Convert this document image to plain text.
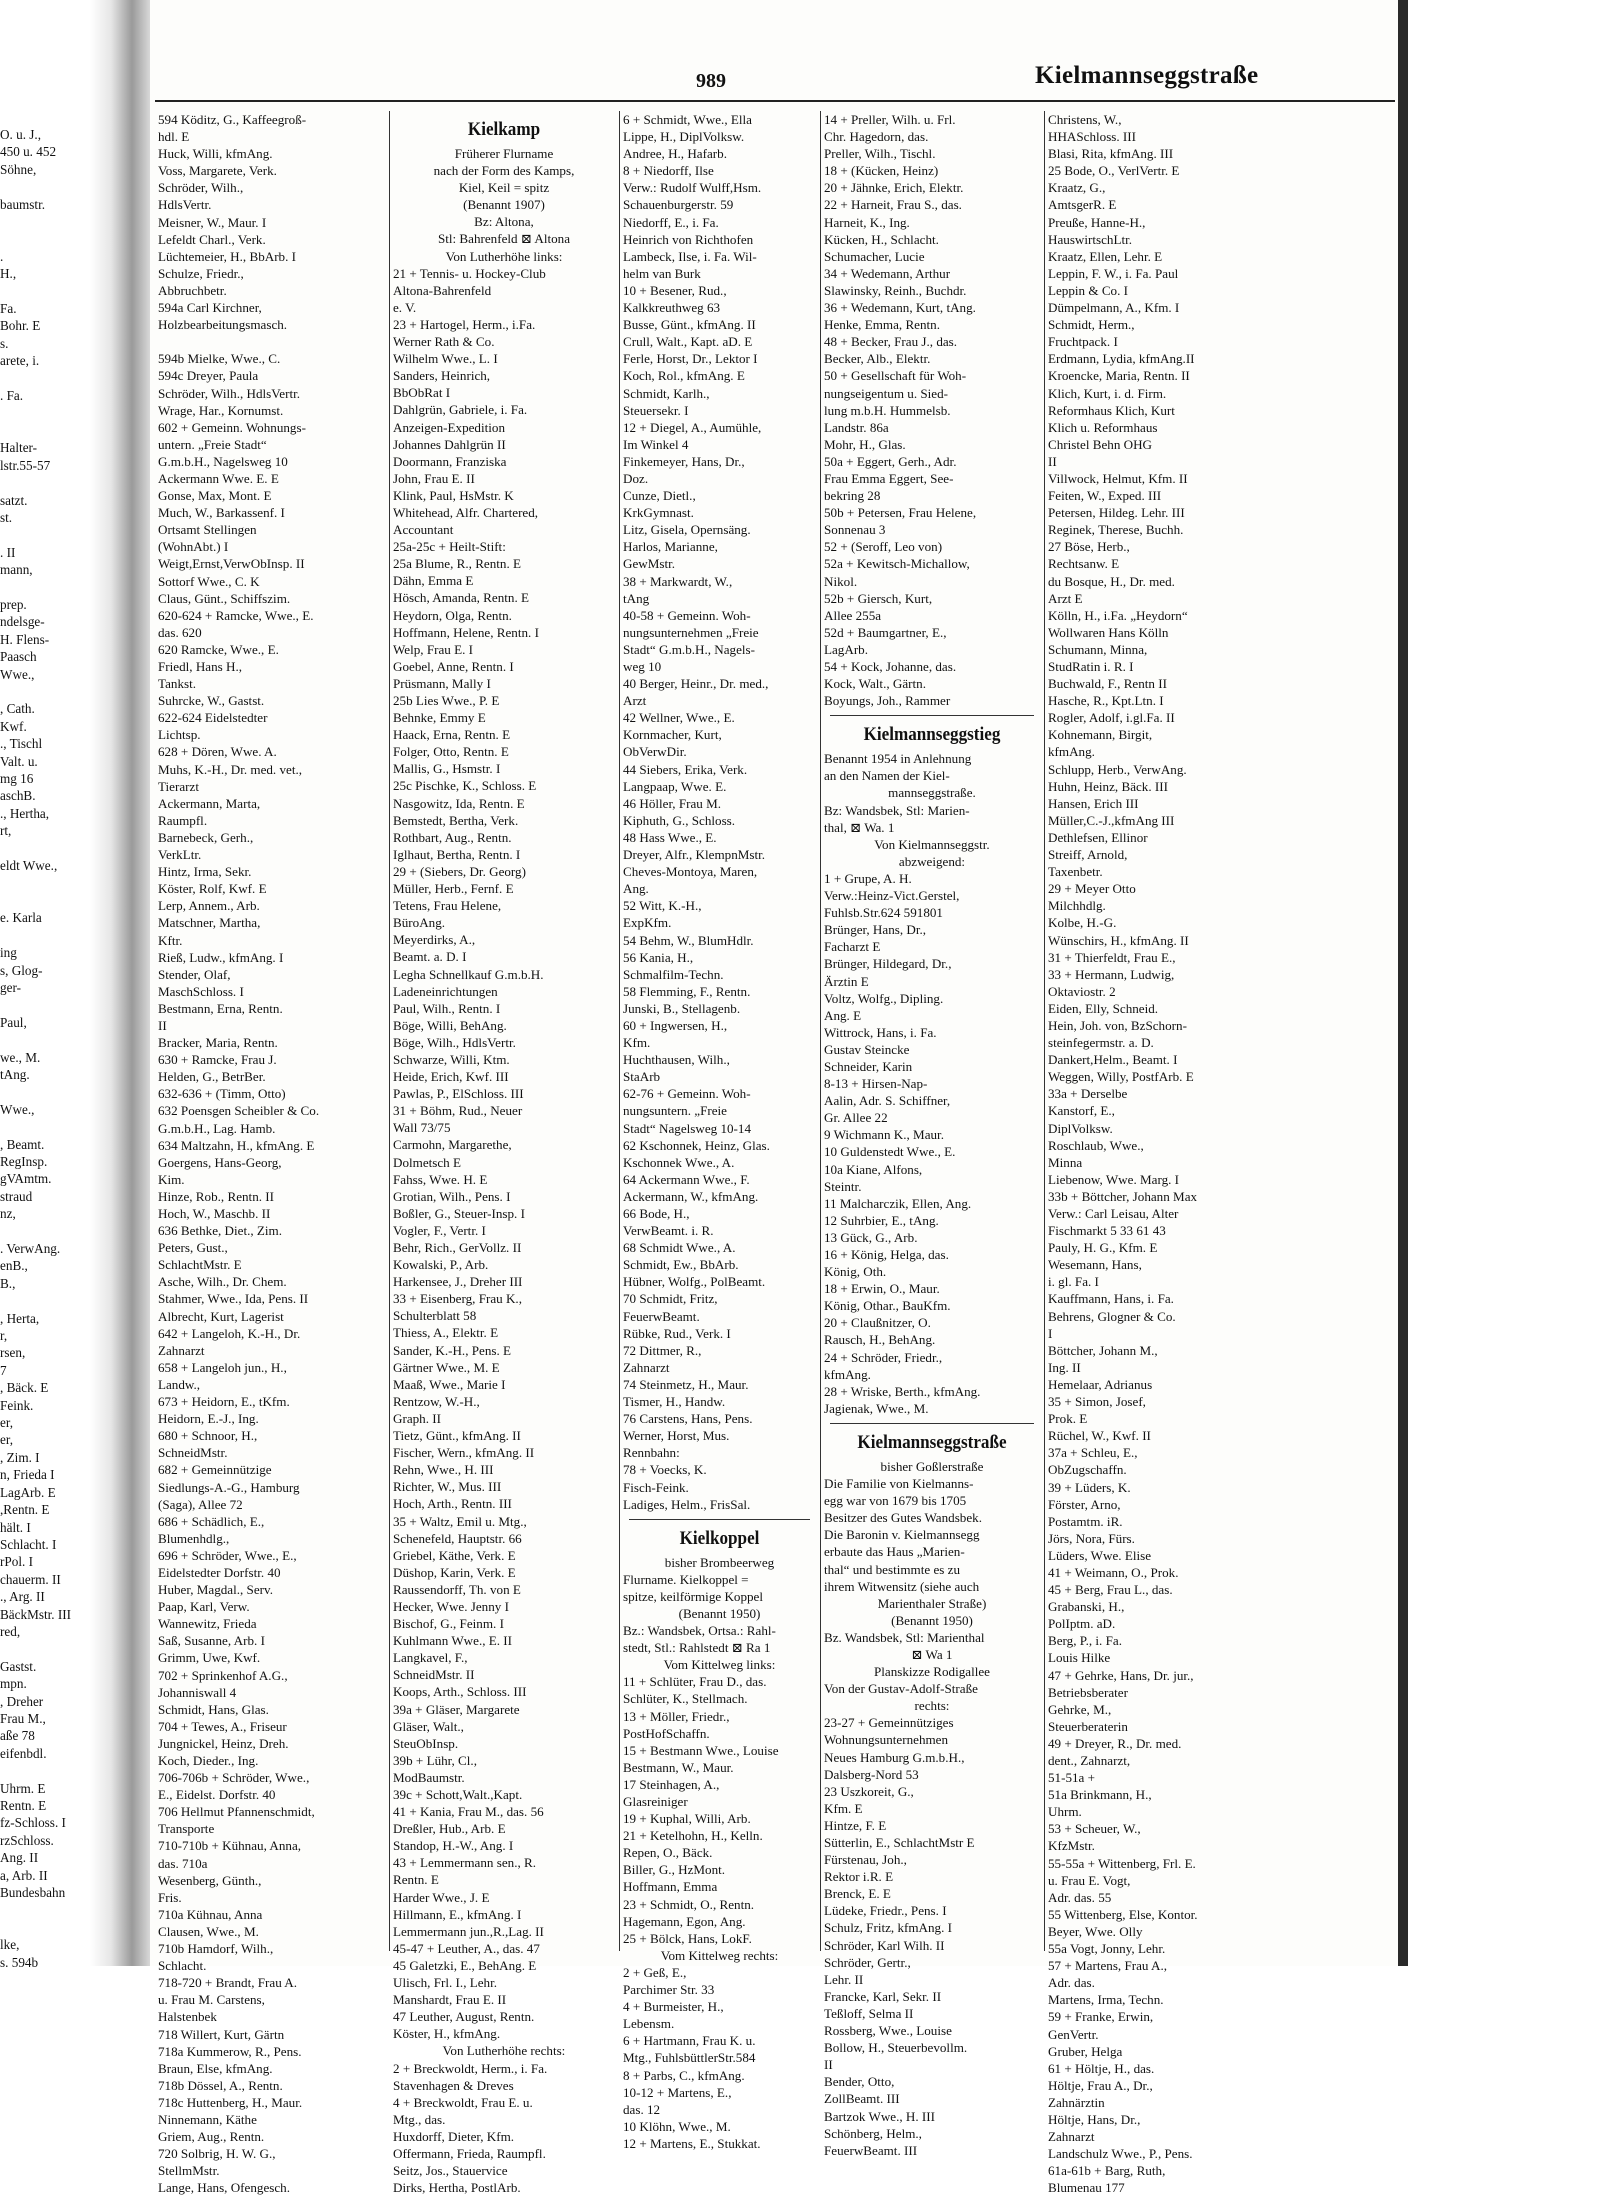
O. u. J.,
450 u. 452
Söhne,

baumstr.

.
H.,

Fa.
Bohr. E
s.
arete, i.

. Fa.

Halter-
lstr.55-57

satzt.
st.

. II
mann,

prep.
ndelsge-
H. Flens-
Paasch
Wwe.,

, Cath.
Kwf.
., Tischl
Valt. u.
mg 16
aschB.
., Hertha,
rt,

eldt Wwe.,

e. Karla

ing
s, Glog-
ger-

Paul,

we., M.
tAng.

Wwe.,

, Beamt.
RegInsp.
gVAmtm.
straud
nz,

. VerwAng.
enB.,
B.,

, Herta,
r,
rsen,
7
, Bäck. E
Feink.
er,
er,
, Zim. I
n, Frieda I
LagArb. E
,Rentn. E
hält. I
Schlacht. I
rPol. I
chauerm. II
., Arg. II
BäckMstr. III
red,

Gastst.
mpn.
, Dreher
Frau M.,
aße 78
eifenbdl.

Uhrm. E
Rentn. E
fz-Schloss. I
rzSchloss.
Ang. II
a, Arb. II
Bundesbahn

lke,
s. 594b
989	Kielmannseggstraße
594 Köditz, G., Kaffeegroß-
hdl. E
Huck, Willi, kfmAng.
Voss, Margarete, Verk.
Schröder, Wilh.,
HdlsVertr.
Meisner, W., Maur. I
Lefeldt Charl., Verk.
Lüchtemeier, H., BbArb. I
Schulze, Friedr.,
Abbruchbetr.
594a Carl Kirchner,
Holzbearbeitungsmasch.

594b Mielke, Wwe., C.
594c Dreyer, Paula
Schröder, Wilh., HdlsVertr.
Wrage, Har., Kornumst.
602 + Gemeinn. Wohnungs-
untern. „Freie Stadt“
G.m.b.H., Nagelsweg 10
Ackermann Wwe. E. E
Gonse, Max, Mont. E
Much, W., Barkassenf. I
Ortsamt Stellingen
(WohnAbt.) I
Weigt,Ernst,VerwObInsp. II
Sottorf Wwe., C. K
Claus, Günt., Schiffszim.
620-624 + Ramcke, Wwe., E.
das. 620
620 Ramcke, Wwe., E.
Friedl, Hans H.,
Tankst.
Suhrcke, W., Gastst.
622-624 Eidelstedter
Lichtsp.
628 + Dören, Wwe. A.
Muhs, K.-H., Dr. med. vet.,
Tierarzt
Ackermann, Marta,
Raumpfl.
Barnebeck, Gerh.,
VerkLtr.
Hintz, Irma, Sekr.
Köster, Rolf, Kwf. E
Lerp, Annem., Arb.
Matschner, Martha,
Kftr.
Rieß, Ludw., kfmAng. I
Stender, Olaf,
MaschSchloss. I
Bestmann, Erna, Rentn.
II
Bracker, Maria, Rentn.
630 + Ramcke, Frau J.
Helden, G., BetrBer.
632-636 + (Timm, Otto)
632 Poensgen Scheibler & Co.
G.m.b.H., Lag. Hamb.
634 Maltzahn, H., kfmAng. E
Goergens, Hans-Georg,
Kim.
Hinze, Rob., Rentn. II
Hoch, W., Maschb. II
636 Bethke, Diet., Zim.
Peters, Gust.,
SchlachtMstr. E
Asche, Wilh., Dr. Chem.
Stahmer, Wwe., Ida, Pens. II
Albrecht, Kurt, Lagerist
642 + Langeloh, K.-H., Dr.
Zahnarzt
658 + Langeloh jun., H.,
Landw.,
673 + Heidorn, E., tKfm.
Heidorn, E.-J., Ing.
680 + Schnoor, H.,
SchneidMstr.
682 + Gemeinnützige
Siedlungs-A.-G., Hamburg
(Saga), Allee 72
686 + Schädlich, E.,
Blumenhdlg.,
696 + Schröder, Wwe., E.,
Eidelstedter Dorfstr. 40
Huber, Magdal., Serv.
Paap, Karl, Verw.
Wannewitz, Frieda
Saß, Susanne, Arb. I
Grimm, Uwe, Kwf.
702 + Sprinkenhof A.G.,
Johanniswall 4
Schmidt, Hans, Glas.
704 + Tewes, A., Friseur
Jungnickel, Heinz, Dreh.
Koch, Dieder., Ing.
706-706b + Schröder, Wwe.,
E., Eidelst. Dorfstr. 40
706 Hellmut Pfannenschmidt,
Transporte
710-710b + Kühnau, Anna,
das. 710a
Wesenberg, Günth.,
Fris.
710a Kühnau, Anna
Clausen, Wwe., M.
710b Hamdorf, Wilh.,
Schlacht.
718-720 + Brandt, Frau A.
u. Frau M. Carstens,
Halstenbek
718 Willert, Kurt, Gärtn
718a Kummerow, R., Pens.
Braun, Else, kfmAng.
718b Dössel, A., Rentn.
718c Huttenberg, H., Maur.
Ninnemann, Käthe
Griem, Aug., Rentn.
720 Solbrig, H. W. G.,
StellmMstr.
Lange, Hans, Ofengesch.
Kielkamp
Früherer Flurname
nach der Form des Kamps,
Kiel, Keil = spitz
(Benannt 1907)
Bz: Altona,
Stl: Bahrenfeld ⊠ Altona
Von Lutherhöhe links:
21 + Tennis- u. Hockey-Club
Altona-Bahrenfeld
e. V.
23 + Hartogel, Herm., i.Fa.
Werner Rath & Co.
Wilhelm Wwe., L. I
Sanders, Heinrich,
BbObRat I
Dahlgrün, Gabriele, i. Fa.
Anzeigen-Expedition
Johannes Dahlgrün II
Doormann, Franziska
John, Frau E. II
Klink, Paul, HsMstr. K
Whitehead, Alfr. Chartered,
Accountant
25a-25c + Heilt-Stift:
25a Blume, R., Rentn. E
Dähn, Emma E
Hösch, Amanda, Rentn. E
Heydorn, Olga, Rentn.
Hoffmann, Helene, Rentn. I
Welp, Frau E. I
Goebel, Anne, Rentn. I
Prüsmann, Mally I
25b Lies Wwe., P. E
Behnke, Emmy E
Haack, Erna, Rentn. E
Folger, Otto, Rentn. E
Mallis, G., Hsmstr. I
25c Pischke, K., Schloss. E
Nasgowitz, Ida, Rentn. E
Bemstedt, Bertha, Verk.
Rothbart, Aug., Rentn.
Iglhaut, Bertha, Rentn. I
29 + (Siebers, Dr. Georg)
Müller, Herb., Fernf. E
Tetens, Frau Helene,
BüroAng.
Meyerdirks, A.,
Beamt. a. D. I
Legha Schnellkauf G.m.b.H.
Ladeneinrichtungen
Paul, Wilh., Rentn. I
Böge, Willi, BehAng.
Böge, Wilh., HdlsVertr.
Schwarze, Willi, Ktm.
Heide, Erich, Kwf. III
Pawlas, P., ElSchloss. III
31 + Böhm, Rud., Neuer
Wall 73/75
Carmohn, Margarethe,
Dolmetsch E
Fahss, Wwe. H. E
Grotian, Wilh., Pens. I
Boßler, G., Steuer-Insp. I
Vogler, F., Vertr. I
Behr, Rich., GerVollz. II
Kowalski, P., Arb.
Harkensee, J., Dreher III
33 + Eisenberg, Frau K.,
Schulterblatt 58
Thiess, A., Elektr. E
Sander, K.-H., Pens. E
Gärtner Wwe., M. E
Maaß, Wwe., Marie I
Rentzow, W.-H.,
Graph. II
Tietz, Günt., kfmAng. II
Fischer, Wern., kfmAng. II
Rehn, Wwe., H. III
Richter, W., Mus. III
Hoch, Arth., Rentn. III
35 + Waltz, Emil u. Mtg.,
Schenefeld, Hauptstr. 66
Griebel, Käthe, Verk. E
Düshop, Karin, Verk. E
Raussendorff, Th. von E
Hecker, Wwe. Jenny I
Bischof, G., Feinm. I
Kuhlmann Wwe., E. II
Langkavel, F.,
SchneidMstr. II
Koops, Arth., Schloss. III
39a + Gläser, Margarete
Gläser, Walt.,
SteuObInsp.
39b + Lühr, Cl.,
ModBaumstr.
39c + Schott,Walt.,Kapt.
41 + Kania, Frau M., das. 56
Dreßler, Hub., Arb. E
Standop, H.-W., Ang. I
43 + Lemmermann sen., R.
Rentn. E
Harder Wwe., J. E
Hillmann, E., kfmAng. I
Lemmermann jun.,R.,Lag. II
45-47 + Leuther, A., das. 47
45 Galetzki, E., BehAng. E
Ulisch, Frl. I., Lehr.
Manshardt, Frau E. II
47 Leuther, August, Rentn.
Köster, H., kfmAng.
Von Lutherhöhe rechts:
2 + Breckwoldt, Herm., i. Fa.
Stavenhagen & Dreves
4 + Breckwoldt, Frau E. u.
Mtg., das.
Huxdorff, Dieter, Kfm.
Offermann, Frieda, Raumpfl.
Seitz, Jos., Stauervice
Dirks, Hertha, PostlArb.
6 + Schmidt, Wwe., Ella
Lippe, H., DiplVolksw.
Andree, H., Hafarb.
8 + Niedorff, Ilse
Verw.: Rudolf Wulff,Hsm.
Schauenburgerstr. 59
Niedorff, E., i. Fa.
Heinrich von Richthofen
Lambeck, Ilse, i. Fa. Wil-
helm van Burk
10 + Besener, Rud.,
Kalkkreuthweg 63
Busse, Günt., kfmAng. II
Crull, Walt., Kapt. aD. E
Ferle, Horst, Dr., Lektor I
Koch, Rol., kfmAng. E
Schmidt, Karlh.,
Steuersekr. I
12 + Diegel, A., Aumühle,
Im Winkel 4
Finkemeyer, Hans, Dr.,
Doz.
Cunze, Dietl.,
KrkGymnast.
Litz, Gisela, Opernsäng.
Harlos, Marianne,
GewMstr.
38 + Markwardt, W.,
tAng
40-58 + Gemeinn. Woh-
nungsunternehmen „Freie
Stadt“ G.m.b.H., Nagels-
weg 10
40 Berger, Heinr., Dr. med.,
Arzt
42 Wellner, Wwe., E.
Kornmacher, Kurt,
ObVerwDir.
44 Siebers, Erika, Verk.
Langpaap, Wwe. E.
46 Höller, Frau M.
Kiphuth, G., Schloss.
48 Hass Wwe., E.
Dreyer, Alfr., KlempnMstr.
Cheves-Montoya, Maren,
Ang.
52 Witt, K.-H.,
ExpKfm.
54 Behm, W., BlumHdlr.
56 Kania, H.,
Schmalfilm-Techn.
58 Flemming, F., Rentn.
Junski, B., Stellagenb.
60 + Ingwersen, H.,
Kfm.
Huchthausen, Wilh.,
StaArb
62-76 + Gemeinn. Woh-
nungsuntern. „Freie
Stadt“ Nagelsweg 10-14
62 Kschonnek, Heinz, Glas.
Kschonnek Wwe., A.
64 Ackermann Wwe., F.
Ackermann, W., kfmAng.
66 Bode, H.,
VerwBeamt. i. R.
68 Schmidt Wwe., A.
Schmidt, Ew., BbArb.
Hübner, Wolfg., PolBeamt.
70 Schmidt, Fritz,
FeuerwBeamt.
Rübke, Rud., Verk. I
72 Dittmer, R.,
Zahnarzt
74 Steinmetz, H., Maur.
Tismer, H., Handw.
76 Carstens, Hans, Pens.
Werner, Horst, Mus.
Rennbahn:
78 + Voecks, K.
Fisch-Feink.
Ladiges, Helm., FrisSal.
Kielkoppel
bisher Brombeerweg
Flurname. Kielkoppel =
spitze, keilförmige Koppel
(Benannt 1950)
Bz.: Wandsbek, Ortsa.: Rahl-
stedt, Stl.: Rahlstedt ⊠ Ra 1
Vom Kittelweg links:
11 + Schlüter, Frau D., das.
Schlüter, K., Stellmach.
13 + Möller, Friedr.,
PostHofSchaffn.
15 + Bestmann Wwe., Louise
Bestmann, W., Maur.
17 Steinhagen, A.,
Glasreiniger
19 + Kuphal, Willi, Arb.
21 + Ketelhohn, H., Kelln.
Repen, O., Bäck.
Biller, G., HzMont.
Hoffmann, Emma
23 + Schmidt, O., Rentn.
Hagemann, Egon, Ang.
25 + Bölck, Hans, LokF.
Vom Kittelweg rechts:
2 + Geß, E.,
Parchimer Str. 33
4 + Burmeister, H.,
Lebensm.
6 + Hartmann, Frau K. u.
Mtg., FuhlsbüttlerStr.584
8 + Parbs, C., kfmAng.
10-12 + Martens, E.,
das. 12
10 Klöhn, Wwe., M.
12 + Martens, E., Stukkat.
14 + Preller, Wilh. u. Frl.
Chr. Hagedorn, das.
Preller, Wilh., Tischl.
18 + (Kücken, Heinz)
20 + Jähnke, Erich, Elektr.
22 + Harneit, Frau S., das.
Harneit, K., Ing.
Kücken, H., Schlacht.
Schumacher, Lucie
34 + Wedemann, Arthur
Slawinsky, Reinh., Buchdr.
36 + Wedemann, Kurt, tAng.
Henke, Emma, Rentn.
48 + Becker, Frau J., das.
Becker, Alb., Elektr.
50 + Gesellschaft für Woh-
nungseigentum u. Sied-
lung m.b.H. Hummelsb.
Landstr. 86a
Mohr, H., Glas.
50a + Eggert, Gerh., Adr.
Frau Emma Eggert, See-
bekring 28
50b + Petersen, Frau Helene,
Sonnenau 3
52 + (Seroff, Leo von)
52a + Kewitsch-Michallow,
Nikol.
52b + Giersch, Kurt,
Allee 255a
52d + Baumgartner, E.,
LagArb.
54 + Kock, Johanne, das.
Kock, Walt., Gärtn.
Boyungs, Joh., Rammer
Kielmannseggstieg
Benannt 1954 in Anlehnung
an den Namen der Kiel-
mannseggstraße.
Bz: Wandsbek, Stl: Marien-
thal, ⊠ Wa. 1
Von Kielmannseggstr.
abzweigend:
1 + Grupe, A. H.
Verw.:Heinz-Vict.Gerstel,
Fuhlsb.Str.624 591801
Brünger, Hans, Dr.,
Facharzt E
Brünger, Hildegard, Dr.,
Ärztin E
Voltz, Wolfg., Dipling.
Ang. E
Wittrock, Hans, i. Fa.
Gustav Steincke
Schneider, Karin
8-13 + Hirsen-Nap-
Aalin, Adr. S. Schiffner,
Gr. Allee 22
9 Wichmann K., Maur.
10 Guldenstedt Wwe., E.
10a Kiane, Alfons,
Steintr.
11 Malcharczik, Ellen, Ang.
12 Suhrbier, E., tAng.
13 Gück, G., Arb.
16 + König, Helga, das.
König, Oth.
18 + Erwin, O., Maur.
König, Othar., BauKfm.
20 + Claußnitzer, O.
Rausch, H., BehAng.
24 + Schröder, Friedr.,
kfmAng.
28 + Wriske, Berth., kfmAng.
Jagienak, Wwe., M.
Kielmannseggstraße
bisher Goßlerstraße
Die Familie von Kielmanns-
egg war von 1679 bis 1705
Besitzer des Gutes Wandsbek.
Die Baronin v. Kielmannsegg
erbaute das Haus „Marien-
thal“ und bestimmte es zu
ihrem Witwensitz (siehe auch
Marienthaler Straße)
(Benannt 1950)
Bz. Wandsbek, Stl: Marienthal
⊠ Wa 1
Planskizze Rodigallee
Von der Gustav-Adolf-Straße
rechts:
23-27 + Gemeinnütziges
Wohnungsunternehmen
Neues Hamburg G.m.b.H.,
Dalsberg-Nord 53
23 Uszkoreit, G.,
Kfm. E
Hintze, F. E
Sütterlin, E., SchlachtMstr E
Fürstenau, Joh.,
Rektor i.R. E
Brenck, E. E
Lüdeke, Friedr., Pens. I
Schulz, Fritz, kfmAng. I
Schröder, Karl Wilh. II
Schröder, Gertr.,
Lehr. II
Francke, Karl, Sekr. II
Teßloff, Selma II
Rossberg, Wwe., Louise
Bollow, H., Steuerbevollm.
II
Bender, Otto,
ZollBeamt. III
Bartzok Wwe., H. III
Schönberg, Helm.,
FeuerwBeamt. III
Christens, W.,
HHASchloss. III
Blasi, Rita, kfmAng. III
25 Bode, O., VerlVertr. E
Kraatz, G.,
AmtsgerR. E
Preuße, Hanne-H.,
HauswirtschLtr.
Kraatz, Ellen, Lehr. E
Leppin, F. W., i. Fa. Paul
Leppin & Co. I
Dümpelmann, A., Kfm. I
Schmidt, Herm.,
Fruchtpack. I
Erdmann, Lydia, kfmAng.II
Kroencke, Maria, Rentn. II
Klich, Kurt, i. d. Firm.
Reformhaus Klich, Kurt
Klich u. Reformhaus
Christel Behn OHG
II
Villwock, Helmut, Kfm. II
Feiten, W., Exped. III
Petersen, Hildeg. Lehr. III
Reginek, Therese, Buchh.
27 Böse, Herb.,
Rechtsanw. E
du Bosque, H., Dr. med.
Arzt E
Kölln, H., i.Fa. „Heydorn“
Wollwaren Hans Kölln
Schumann, Minna,
StudRatin i. R. I
Buchwald, F., Rentn II
Hasche, R., Kpt.Ltn. I
Rogler, Adolf, i.gl.Fa. II
Kohnemann, Birgit,
kfmAng.
Schlupp, Herb., VerwAng.
Huhn, Heinz, Bäck. III
Hansen, Erich III
Müller,C.-J.,kfmAng III
Dethlefsen, Ellinor
Streiff, Arnold,
Taxenbetr.
29 + Meyer Otto
Milchhdlg.
Kolbe, H.-G.
Wünschirs, H., kfmAng. II
31 + Thierfeldt, Frau E.,
33 + Hermann, Ludwig,
Oktaviostr. 2
Eiden, Elly, Schneid.
Hein, Joh. von, BzSchorn-
steinfegermstr. a. D.
Dankert,Helm., Beamt. I
Weggen, Willy, PostfArb. E
33a + Derselbe
Kanstorf, E.,
DiplVolksw.
Roschlaub, Wwe.,
Minna
Liebenow, Wwe. Marg. I
33b + Böttcher, Johann Max
Verw.: Carl Leisau, Alter
Fischmarkt 5 33 61 43
Pauly, H. G., Kfm. E
Wesemann, Hans,
i. gl. Fa. I
Kauffmann, Hans, i. Fa.
Behrens, Glogner & Co.
I
Böttcher, Johann M.,
Ing. II
Hemelaar, Adrianus
35 + Simon, Josef,
Prok. E
Rüchel, W., Kwf. II
37a + Schleu, E.,
ObZugschaffn.
39 + Lüders, K.
Förster, Arno,
Postamtm. iR.
Jörs, Nora, Fürs.
Lüders, Wwe. Elise
41 + Weimann, O., Prok.
45 + Berg, Frau L., das.
Grabanski, H.,
PolIptm. aD.
Berg, P., i. Fa.
Louis Hilke
47 + Gehrke, Hans, Dr. jur.,
Betriebsberater
Gehrke, M.,
Steuerberaterin
49 + Dreyer, R., Dr. med.
dent., Zahnarzt,
51-51a +
51a Brinkmann, H.,
Uhrm.
53 + Scheuer, W.,
KfzMstr.
55-55a + Wittenberg, Frl. E.
u. Frau E. Vogt,
Adr. das. 55
55 Wittenberg, Else, Kontor.
Beyer, Wwe. Olly
55a Vogt, Jonny, Lehr.
57 + Martens, Frau A.,
Adr. das.
Martens, Irma, Techn.
59 + Franke, Erwin,
GenVertr.
Gruber, Helga
61 + Höltje, H., das.
Höltje, Frau A., Dr.,
Zahnärztin
Höltje, Hans, Dr.,
Zahnarzt
Landschulz Wwe., P., Pens.
61a-61b + Barg, Ruth,
Blumenau 177
